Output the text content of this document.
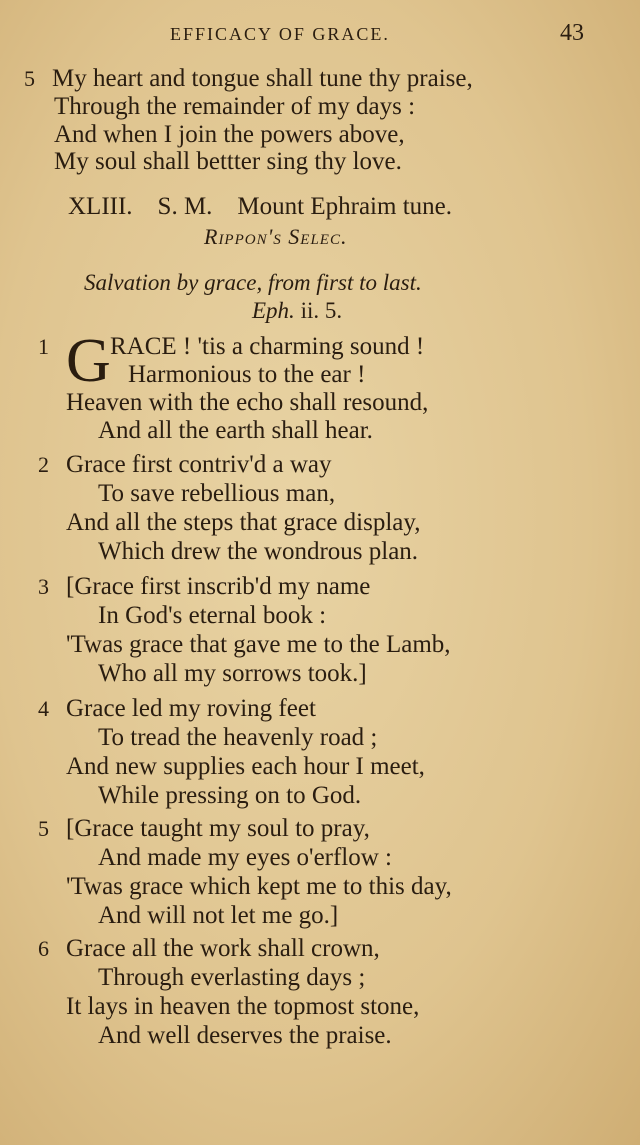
EFFICACY OF GRACE.	43
5 My heart and tongue shall tune thy praise,
Through the remainder of my days :
And when I join the powers above,
My soul shall bettter sing thy love.
XLIII.    S. M.    Mount Ephraim tune.
Rippon's Selec.
Salvation by grace, from first to last.
Eph. ii. 5.
G
1 RACE ! 'tis a charming sound !
Harmonious to the ear !
Heaven with the echo shall resound,
And all the earth shall hear.
2 Grace first contriv'd a way
To save rebellious man,
And all the steps that grace display,
Which drew the wondrous plan.
3 [Grace first inscrib'd my name
In God's eternal book :
'Twas grace that gave me to the Lamb,
Who all my sorrows took.]
4 Grace led my roving feet
To tread the heavenly road ;
And new supplies each hour I meet,
While pressing on to God.
5 [Grace taught my soul to pray,
And made my eyes o'erflow :
'Twas grace which kept me to this day,
And will not let me go.]
6 Grace all the work shall crown,
Through everlasting days ;
It lays in heaven the topmost stone,
And well deserves the praise.
